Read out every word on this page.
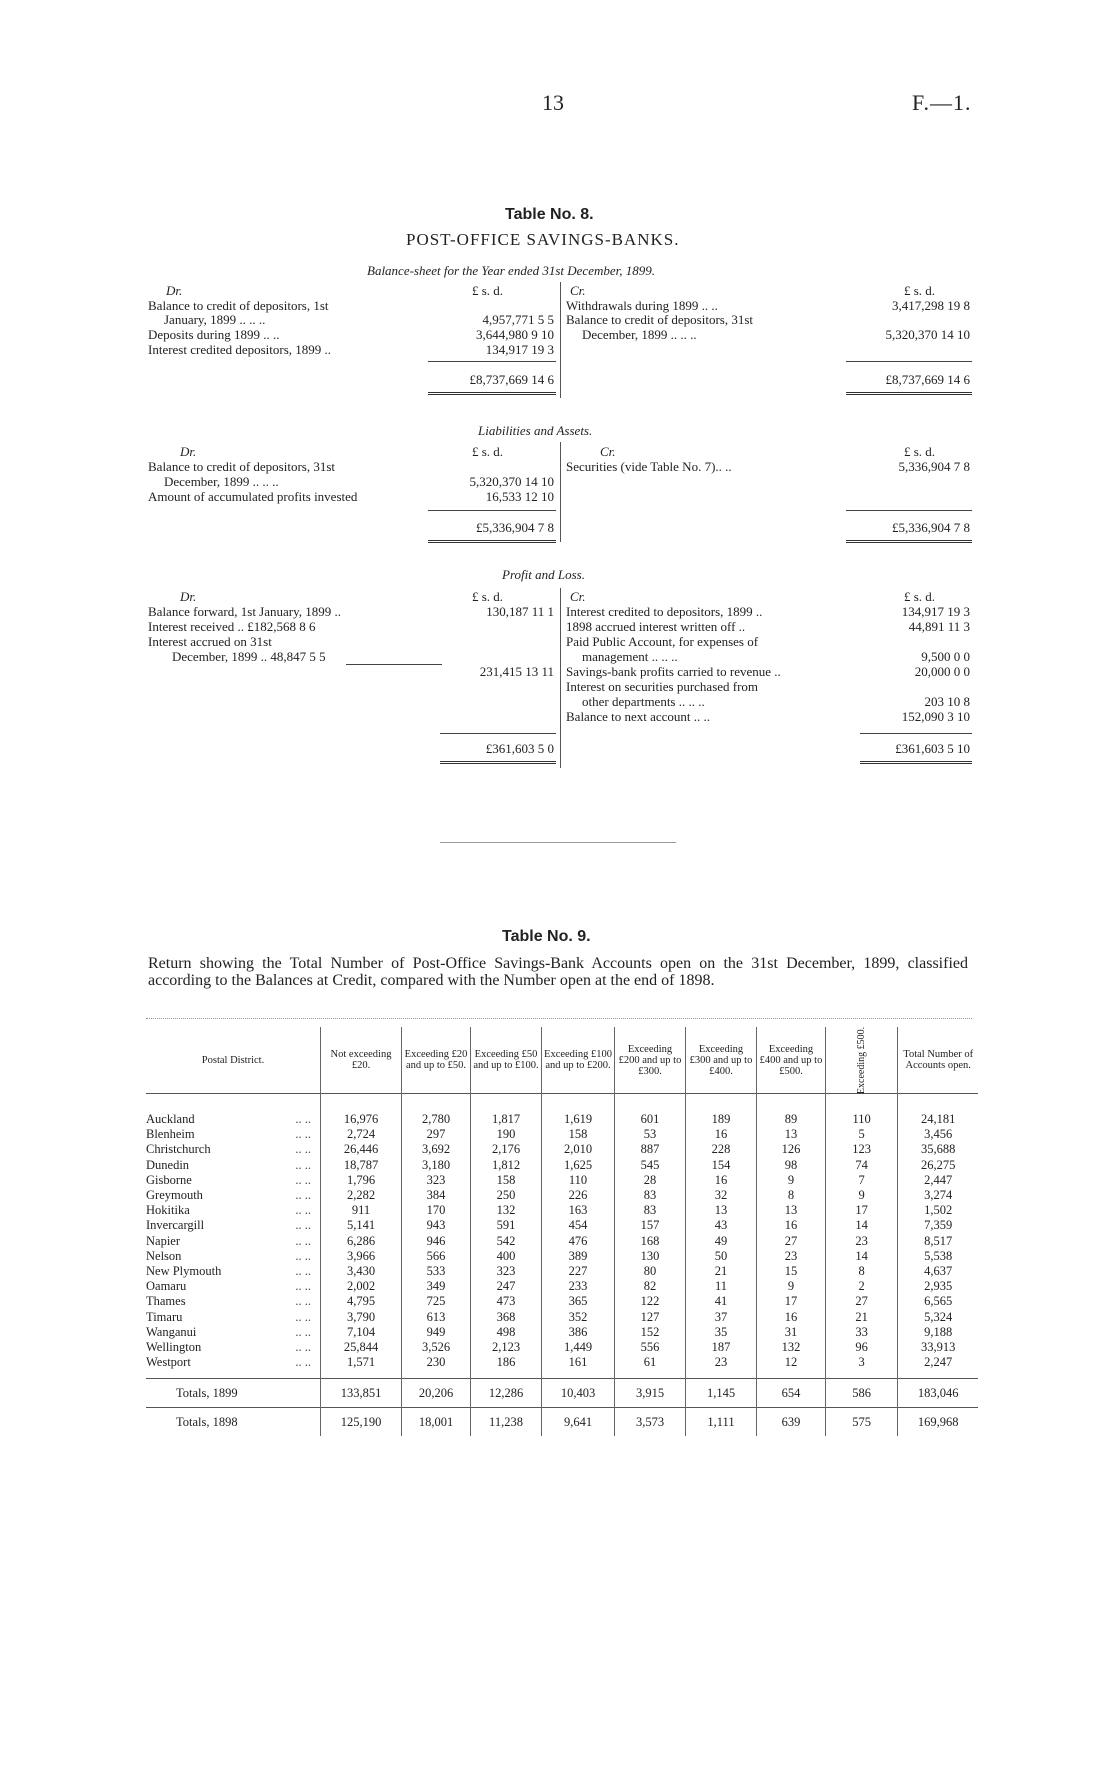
13	F.—1.
Table No. 8.
POST-OFFICE SAVINGS-BANKS.
Balance-sheet for the Year ended 31st December, 1899.
Dr.	£ s. d.	Cr.	£ s. d.
Balance to credit of depositors, 1st
January, 1899 .. .. ..	4,957,771 5 5
Deposits during 1899 .. ..	3,644,980 9 10
Interest credited depositors, 1899 ..	134,917 19 3
£8,737,669 14 6
Withdrawals during 1899 .. ..	3,417,298 19 8
Balance to credit of depositors, 31st
December, 1899 .. .. ..	5,320,370 14 10
£8,737,669 14 6
Liabilities and Assets.
Dr.	£ s. d.	Cr.	£ s. d.
Balance to credit of depositors, 31st
December, 1899 .. .. ..	5,320,370 14 10
Amount of accumulated profits invested	16,533 12 10
£5,336,904 7 8
Securities (vide Table No. 7).. ..	5,336,904 7 8
£5,336,904 7 8
Profit and Loss.
Dr.	£ s. d.	Cr.	£ s. d.
Balance forward, 1st January, 1899 ..	130,187 11 1
Interest received .. £182,568 8 6
Interest accrued on 31st
December, 1899 .. 48,847 5 5
231,415 13 11
£361,603 5 0
Interest credited to depositors, 1899 ..	134,917 19 3
1898 accrued interest written off ..	44,891 11 3
Paid Public Account, for expenses of
management .. .. ..	9,500 0 0
Savings-bank profits carried to revenue ..	20,000 0 0
Interest on securities purchased from
other departments .. .. ..	203 10 8
Balance to next account .. ..	152,090 3 10
£361,603 5 10
Table No. 9.
Return showing the Total Number of Post-Office Savings-Bank Accounts open on the 31st December, 1899, classified according to the Balances at Credit, compared with the Number open at the end of 1898.
Postal District.	Not exceeding £20.	Exceeding £20 and up to £50.	Exceeding £50 and up to £100.	Exceeding £100 and up to £200.	Exceeding £200 and up to £300.	Exceeding £300 and up to £400.	Exceeding £400 and up to £500.	Exceeding £500.	Total Number of Accounts open.
Auckland .. ..	16,976	2,780	1,817	1,619	601	189	89	110	24,181
Blenheim .. ..	2,724	297	190	158	53	16	13	5	3,456
Christchurch .. ..	26,446	3,692	2,176	2,010	887	228	126	123	35,688
Dunedin .. ..	18,787	3,180	1,812	1,625	545	154	98	74	26,275
Gisborne .. ..	1,796	323	158	110	28	16	9	7	2,447
Greymouth .. ..	2,282	384	250	226	83	32	8	9	3,274
Hokitika .. ..	911	170	132	163	83	13	13	17	1,502
Invercargill .. ..	5,141	943	591	454	157	43	16	14	7,359
Napier .. ..	6,286	946	542	476	168	49	27	23	8,517
Nelson .. ..	3,966	566	400	389	130	50	23	14	5,538
New Plymouth .. ..	3,430	533	323	227	80	21	15	8	4,637
Oamaru .. ..	2,002	349	247	233	82	11	9	2	2,935
Thames .. ..	4,795	725	473	365	122	41	17	27	6,565
Timaru .. ..	3,790	613	368	352	127	37	16	21	5,324
Wanganui .. ..	7,104	949	498	386	152	35	31	33	9,188
Wellington .. ..	25,844	3,526	2,123	1,449	556	187	132	96	33,913
Westport .. ..	1,571	230	186	161	61	23	12	3	2,247
Totals, 1899	133,851	20,206	12,286	10,403	3,915	1,145	654	586	183,046
Totals, 1898	125,190	18,001	11,238	9,641	3,573	1,111	639	575	169,968
